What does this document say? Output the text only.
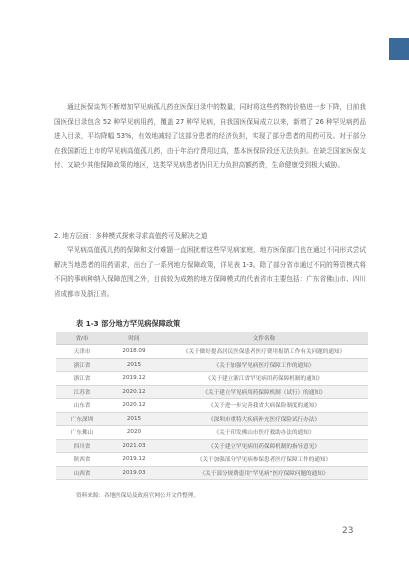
通过医保谈判不断增加罕见病孤儿药在医保目录中的数量，同时将这些药物的价格进一步下降，目前我国医保目录包含 52 种罕见病用药，覆盖 27 种罕见病，自我国医保局成立以来，新增了 26 种罕见病药品进入目录，平均降幅 53%，有效地减轻了这部分患者的经济负担，实现了部分患者的用药可及。对于部分在我国新近上市的罕见病高值孤儿药，由于年治疗费用过高，基本医保阶段还无法负担。在缺乏国家医保支付、又缺少其他保障政策的地区，这类罕见病患者仍旧无力负担高额药费，生命健康受到极大威胁。

2. 地方层面：多种模式探索寻求高值药可及解决之道

罕见病高值孤儿药的保障和支付难题一直困扰着这些罕见病家庭，地方医保部门也在通过不同形式尝试解决当地患者的用药需求，出台了一系列地方保障政策，详见表 1-3。除了部分省市通过不同的筹资模式将不同的事病种纳入保障范围之外，目前较为成熟的地方保障模式的代表省市主要包括：广东省佛山市、四川省成都市及浙江省。

表 1-3 部分地方罕见病保障政策
省/市	时间	文件名称
天津市	2018.09	《关于做好提高居民医保患者医疗费用报销工作有关问题的通知》
浙江省	2015	《关于加强罕见病医疗保障工作的通知》
浙江省	2019.12	《关于建立浙江省罕见病用药保障机制的通知》
江苏省	2020.12	《关于建立罕见病用药保障机制（试行）的通知》
山东省	2020.12	《关于进一步完善我省大病保险制度的通知》
广东深圳	2015	《深圳市重特大疾病补充医疗保险试行办法》
广东佛山	2020	《关于印发佛山市医疗救助办法的通知》
四川省	2021.03	《关于建立罕见病用药保障机制的指导意见》
陕西省	2019.12	《关于加强部分罕见病参保患者医疗保障工作的通知》
山西省	2019.03	《关于部分规费患用“罕见病”医疗保障问题的通知》
资料来源：各地医保局及政府官网公开文件整理。
23
